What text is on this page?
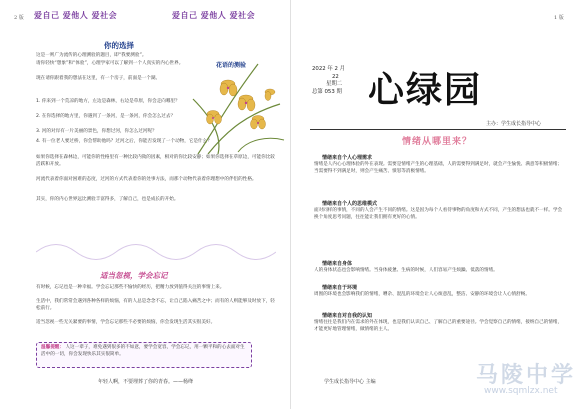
2 版 爱自己 爱他人 爱社会	爱自己 爱他人 爱社会
你的选择
这是一则广为流传的心理测验的题目，即“我要测验”。
请你轻快“想象”和“体验”，心理学家可以了解到一个人真实的内心世界。
现在请你跟着我的想法在这里，有一个房子，前面是一个湖。
1. 你来到一个荒凉的地方，左边是森林，右边是草原，你会走向哪里？
2. 在你选择的地方里，你遇到了一条河，是一条河，你会怎么过去？
3. 河的对岸有一片美丽的景色，你想过河，你怎么过河呢？
4. 有一位老人要过桥，你会帮助他吗？过河之后，你能否发现了一个动物，它是什么？
如果你选择在森林边，可能你的性格里有一种比较内敛的因素，相对的你比较安静；如果你选择在草原边，可能你比较活跃和开放。
河流代表着你面对困难的态度，过河的方式代表着你的处事方法，而那个动物代表着你理想中的伴侣的性格。
其实，你的内心世界远比测验丰富得多，了解自己，也是成长的开始。
花语的测验
适当忽视，学会忘记
有时候，忘记也是一种幸福。学会忘记那些不愉快的经历，把精力放到值得关注的事情上来。
生活中，我们常常会遇到各种各样的烦恼，有的人总是念念不忘，让自己陷入痛苦之中；而有的人则能够及时放下，轻松前行。
适当忽视一些无关紧要的事情，学会忘记那些不必要的烦恼，你会发现生活其实很美好。
温馨提醒： 人这一辈子，难免遇到很多的不如意，要学会宽容，学会忘记，用一颗平和的心去面对生活中的一切，你会发现快乐其实很简单。
年轻人啊，不要埋葬了你的青春。——杨绛
1 版
2022 年 2 月
22
星期二
总第 053 期 心绿园
主办：学生成长指导中心
情绪从哪里来？
情绪来自个人心理需求
情绪是人内心心理体验的外在表现。需要是情绪产生的心理基础，人的需要得到满足时，就会产生愉悦、满意等积极情绪；当需要得不到满足时，则会产生痛苦、愤怒等消极情绪。
情绪来自个人的思维模式
面对同样的事情，不同的人会产生不同的情绪。这是因为每个人看待事物的角度和方式不同，产生的想法也就不一样。学会换个角度思考问题，往往能让我们拥有更好的心情。
情绪来自身体
人的身体状态也会影响情绪。当身体疲惫、生病的时候，人们容易产生烦躁、低落的情绪。
情绪来自于环境
周围的环境也会影响我们的情绪，嘈杂、混乱的环境会让人心烦意乱，整洁、安静的环境会让人心情舒畅。
情绪来自对自我的认知
情绪往往是我们内在需求的外在体现，也是我们认识自己、了解自己的重要途径。学会觉察自己的情绪，接纳自己的情绪，才能更好地管理情绪，做情绪的主人。
学生成长指导中心 主编	马陵中学
www.sqmlzx.net
